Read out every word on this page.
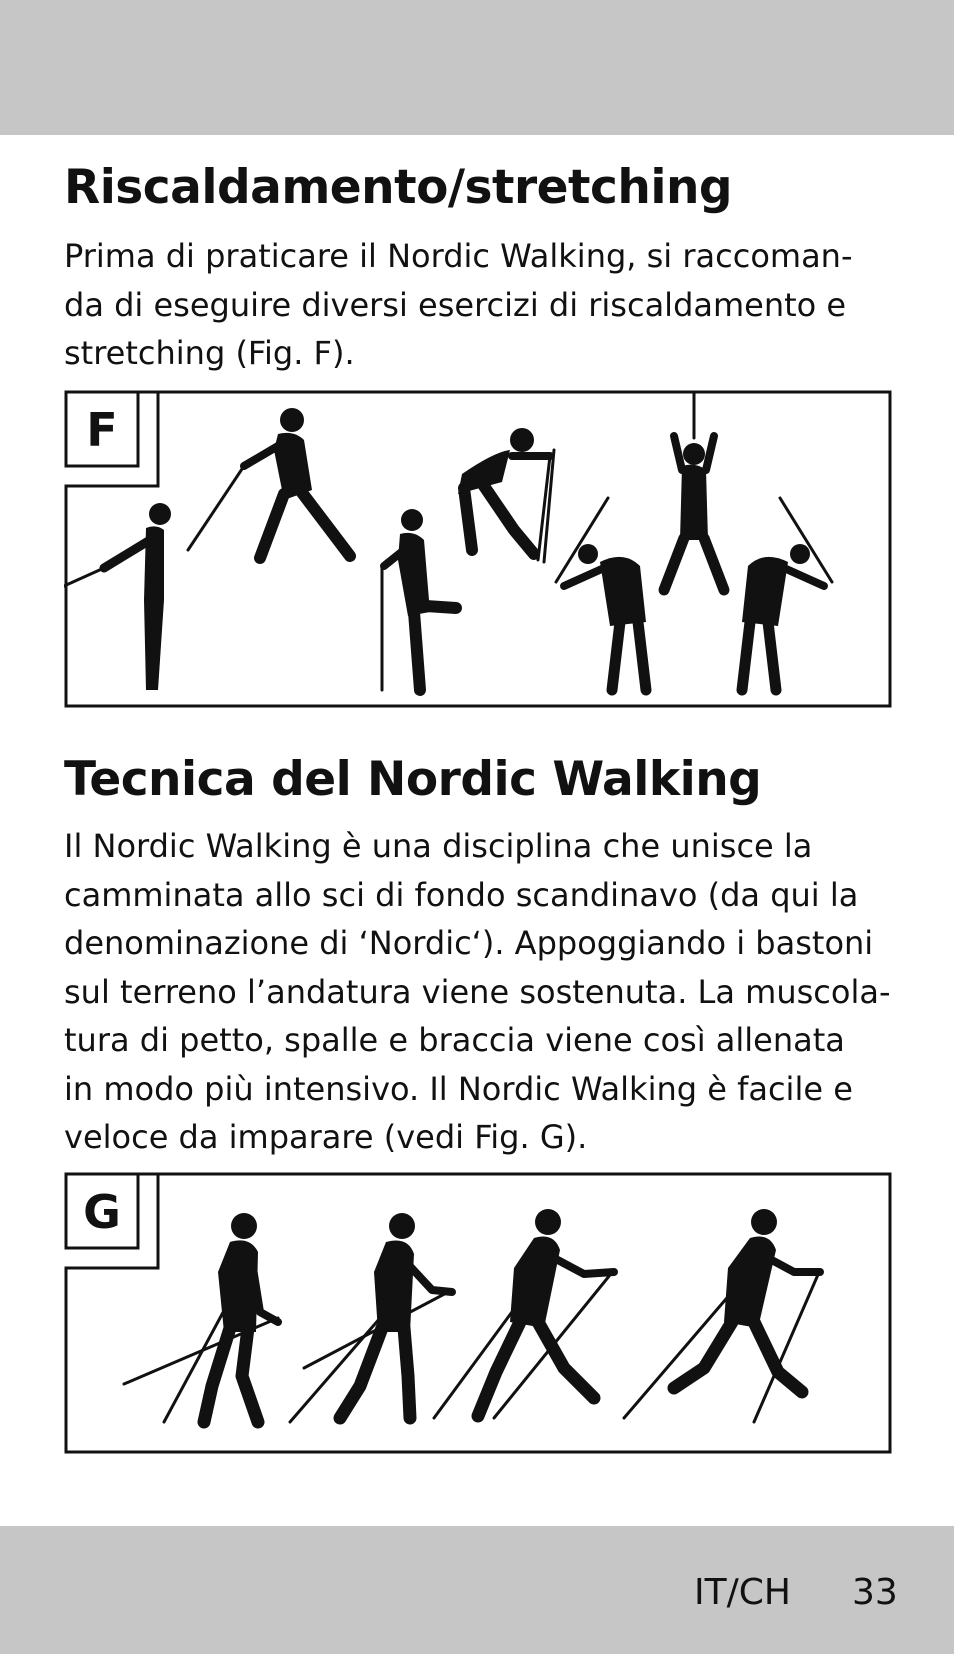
Riscaldamento/stretching

Prima di praticare il Nordic Walking, si raccoman-
da di eseguire diversi esercizi di riscaldamento e
stretching (Fig. F).

F
Tecnica del Nordic Walking

Il Nordic Walking è una disciplina che unisce la
camminata allo sci di fondo scandinavo (da qui la
denominazione di ‘Nordic‘). Appoggiando i bastoni
sul terreno l’andatura viene sostenuta. La muscola-
tura di petto, spalle e braccia viene così allenata
in modo più intensivo. Il Nordic Walking è facile e
veloce da imparare (vedi Fig. G).

G
IT/CH 33
